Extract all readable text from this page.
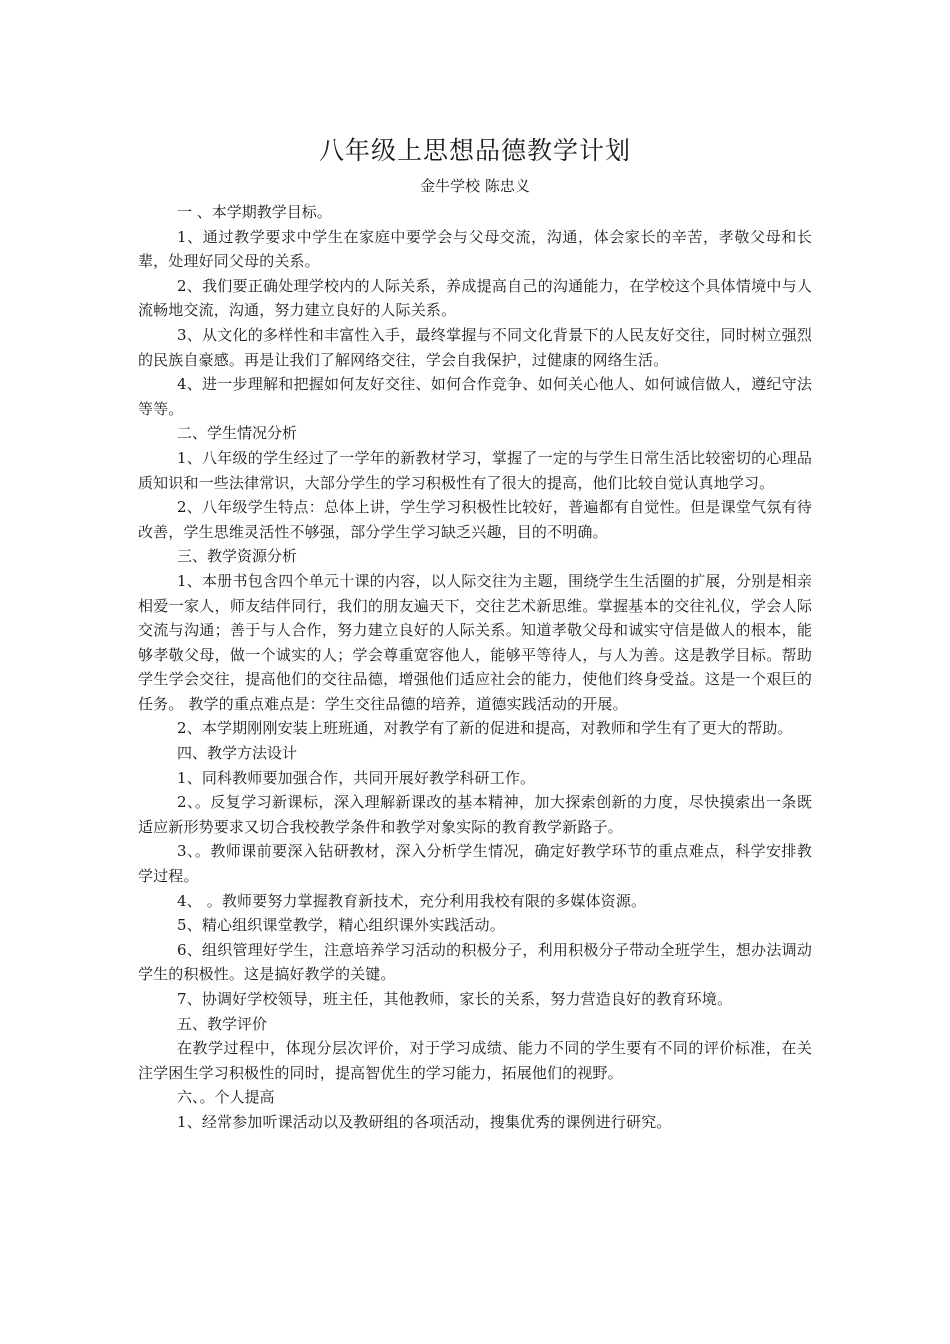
八年级上思想品德教学计划

金牛学校 陈忠义

一 、本学期教学目标。

1、通过教学要求中学生在家庭中要学会与父母交流，沟通，体会家长的辛苦，孝敬父母和长辈，处理好同父母的关系。

2、我们要正确处理学校内的人际关系，养成提高自己的沟通能力，在学校这个具体情境中与人流畅地交流，沟通，努力建立良好的人际关系。

3、从文化的多样性和丰富性入手，最终掌握与不同文化背景下的人民友好交往，同时树立强烈的民族自豪感。再是让我们了解网络交往，学会自我保护，过健康的网络生活。

4、进一步理解和把握如何友好交往、如何合作竞争、如何关心他人、如何诚信做人，遵纪守法等等。

二、学生情况分析

1、八年级的学生经过了一学年的新教材学习，掌握了一定的与学生日常生活比较密切的心理品质知识和一些法律常识，大部分学生的学习积极性有了很大的提高，他们比较自觉认真地学习。

2、八年级学生特点：总体上讲，学生学习积极性比较好，普遍都有自觉性。但是课堂气氛有待改善，学生思维灵活性不够强，部分学生学习缺乏兴趣，目的不明确。

三、教学资源分析

1、本册书包含四个单元十课的内容，以人际交往为主题，围绕学生生活圈的扩展，分别是相亲相爱一家人，师友结伴同行，我们的朋友遍天下，交往艺术新思维。掌握基本的交往礼仪，学会人际交流与沟通；善于与人合作，努力建立良好的人际关系。知道孝敬父母和诚实守信是做人的根本，能够孝敬父母，做一个诚实的人；学会尊重宽容他人，能够平等待人，与人为善。这是教学目标。帮助学生学会交往，提高他们的交往品德，增强他们适应社会的能力，使他们终身受益。这是一个艰巨的任务。 教学的重点难点是：学生交往品德的培养，道德实践活动的开展。

2、本学期刚刚安装上班班通，对教学有了新的促进和提高，对教师和学生有了更大的帮助。

四、教学方法设计

1、同科教师要加强合作，共同开展好教学科研工作。

2、。反复学习新课标，深入理解新课改的基本精神，加大探索创新的力度，尽快摸索出一条既适应新形势要求又切合我校教学条件和教学对象实际的教育教学新路子。

3、。教师课前要深入钻研教材，深入分析学生情况，确定好教学环节的重点难点，科学安排教学过程。

4、 。教师要努力掌握教育新技术，充分利用我校有限的多媒体资源。

5、精心组织课堂教学，精心组织课外实践活动。

6、组织管理好学生，注意培养学习活动的积极分子，利用积极分子带动全班学生，想办法调动学生的积极性。这是搞好教学的关键。

7、协调好学校领导，班主任，其他教师，家长的关系，努力营造良好的教育环境。

五、教学评价

在教学过程中，体现分层次评价，对于学习成绩、能力不同的学生要有不同的评价标准，在关注学困生学习积极性的同时，提高智优生的学习能力，拓展他们的视野。

六、。个人提高

1、经常参加听课活动以及教研组的各项活动，搜集优秀的课例进行研究。
